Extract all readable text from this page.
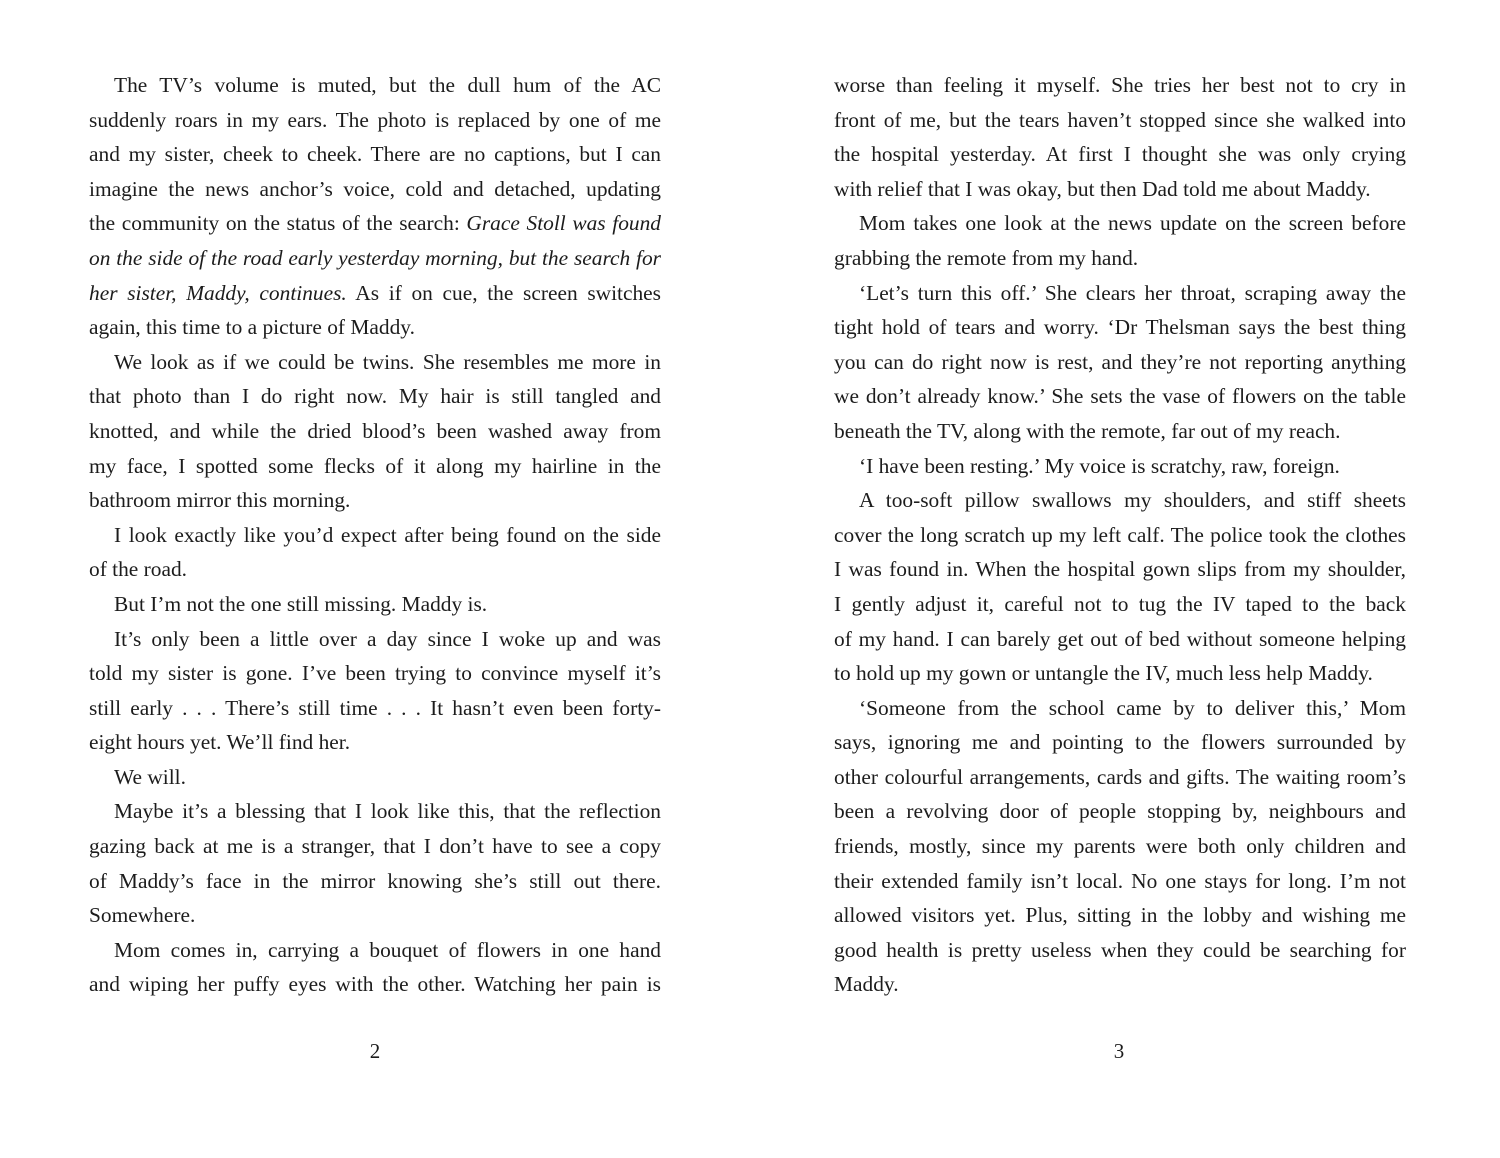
The TV’s volume is muted, but the dull hum of the AC
suddenly roars in my ears. The photo is replaced by one of me
and my sister, cheek to cheek. There are no captions, but I can
imagine the news anchor’s voice, cold and detached, updating
the community on the status of the search: Grace Stoll was found
on the side of the road early yesterday morning, but the search for
her sister, Maddy, continues. As if on cue, the screen switches
again, this time to a picture of Maddy.
We look as if we could be twins. She resembles me more in
that photo than I do right now. My hair is still tangled and
knotted, and while the dried blood’s been washed away from
my face, I spotted some flecks of it along my hairline in the
bathroom mirror this morning.
I look exactly like you’d expect after being found on the side
of the road.
But I’m not the one still missing. Maddy is.
It’s only been a little over a day since I woke up and was
told my sister is gone. I’ve been trying to convince myself it’s
still early . . . There’s still time . . . It hasn’t even been forty-
eight hours yet. We’ll find her.
We will.
Maybe it’s a blessing that I look like this, that the reflection
gazing back at me is a stranger, that I don’t have to see a copy
of Maddy’s face in the mirror knowing she’s still out there.
Somewhere.
Mom comes in, carrying a bouquet of flowers in one hand
and wiping her puffy eyes with the other. Watching her pain is
worse than feeling it myself. She tries her best not to cry in
front of me, but the tears haven’t stopped since she walked into
the hospital yesterday. At first I thought she was only crying
with relief that I was okay, but then Dad told me about Maddy.
Mom takes one look at the news update on the screen before
grabbing the remote from my hand.
‘Let’s turn this off.’ She clears her throat, scraping away the
tight hold of tears and worry. ‘Dr Thelsman says the best thing
you can do right now is rest, and they’re not reporting anything
we don’t already know.’ She sets the vase of flowers on the table
beneath the TV, along with the remote, far out of my reach.
‘I have been resting.’ My voice is scratchy, raw, foreign.
A too-soft pillow swallows my shoulders, and stiff sheets
cover the long scratch up my left calf. The police took the clothes
I was found in. When the hospital gown slips from my shoulder,
I gently adjust it, careful not to tug the IV taped to the back
of my hand. I can barely get out of bed without someone helping
to hold up my gown or untangle the IV, much less help Maddy.
‘Someone from the school came by to deliver this,’ Mom
says, ignoring me and pointing to the flowers surrounded by
other colourful arrangements, cards and gifts. The waiting room’s
been a revolving door of people stopping by, neighbours and
friends, mostly, since my parents were both only children and
their extended family isn’t local. No one stays for long. I’m not
allowed visitors yet. Plus, sitting in the lobby and wishing me
good health is pretty useless when they could be searching for
Maddy.
2	3
